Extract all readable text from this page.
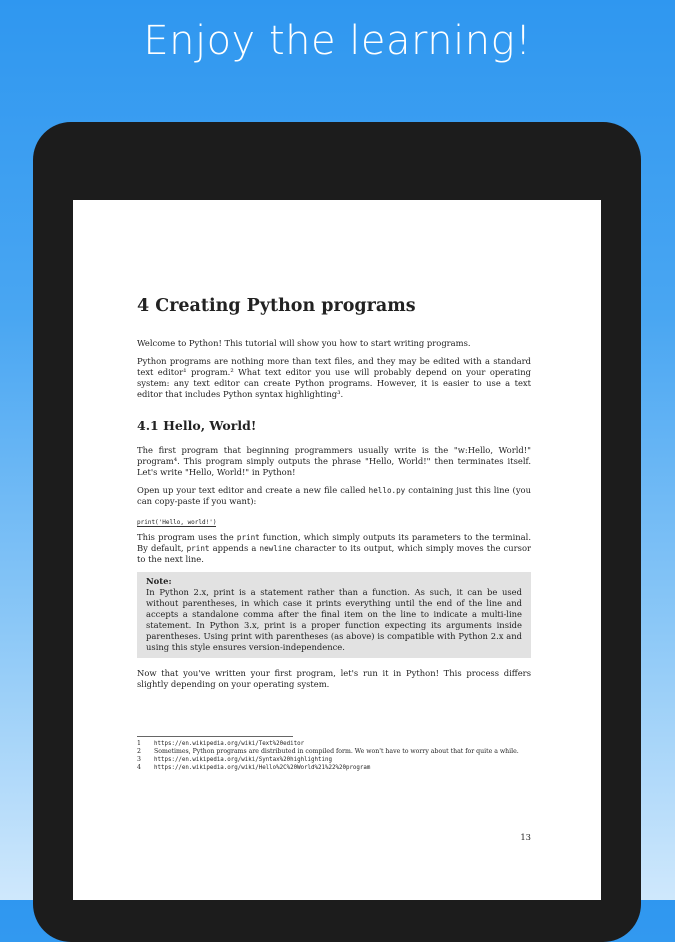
Enjoy the learning!
4 Creating Python programs

Welcome to Python! This tutorial will show you how to start writing programs.

Python programs are nothing more than text files, and they may be edited with a standard text editor¹ program.² What text editor you use will probably depend on your operating system: any text editor can create Python programs. However, it is easier to use a text editor that includes Python syntax highlighting³.

4.1 Hello, World!

The first program that beginning programmers usually write is the "w:Hello, World!" program⁴. This program simply outputs the phrase "Hello, World!" then terminates itself. Let's write "Hello, World!" in Python!

Open up your text editor and create a new file called hello.py containing just this line (you can copy-paste if you want):

print('Hello, world!')

This program uses the print function, which simply outputs its parameters to the terminal. By default, print appends a newline character to its output, which simply moves the cursor to the next line.

Note:

In Python 2.x, print is a statement rather than a function. As such, it can be used without parentheses, in which case it prints everything until the end of the line and accepts a standalone comma after the final item on the line to indicate a multi-line statement. In Python 3.x, print is a proper function expecting its arguments inside parentheses. Using print with parentheses (as above) is compatible with Python 2.x and using this style ensures version-independence.

Now that you've written your first program, let's run it in Python! This process differs slightly depending on your operating system.

1	https://en.wikipedia.org/wiki/Text%20editor
2	Sometimes, Python programs are distributed in compiled form. We won't have to worry about that for quite a while.
3	https://en.wikipedia.org/wiki/Syntax%20highlighting
4	https://en.wikipedia.org/wiki/Hello%2C%20World%21%22%20program
13
